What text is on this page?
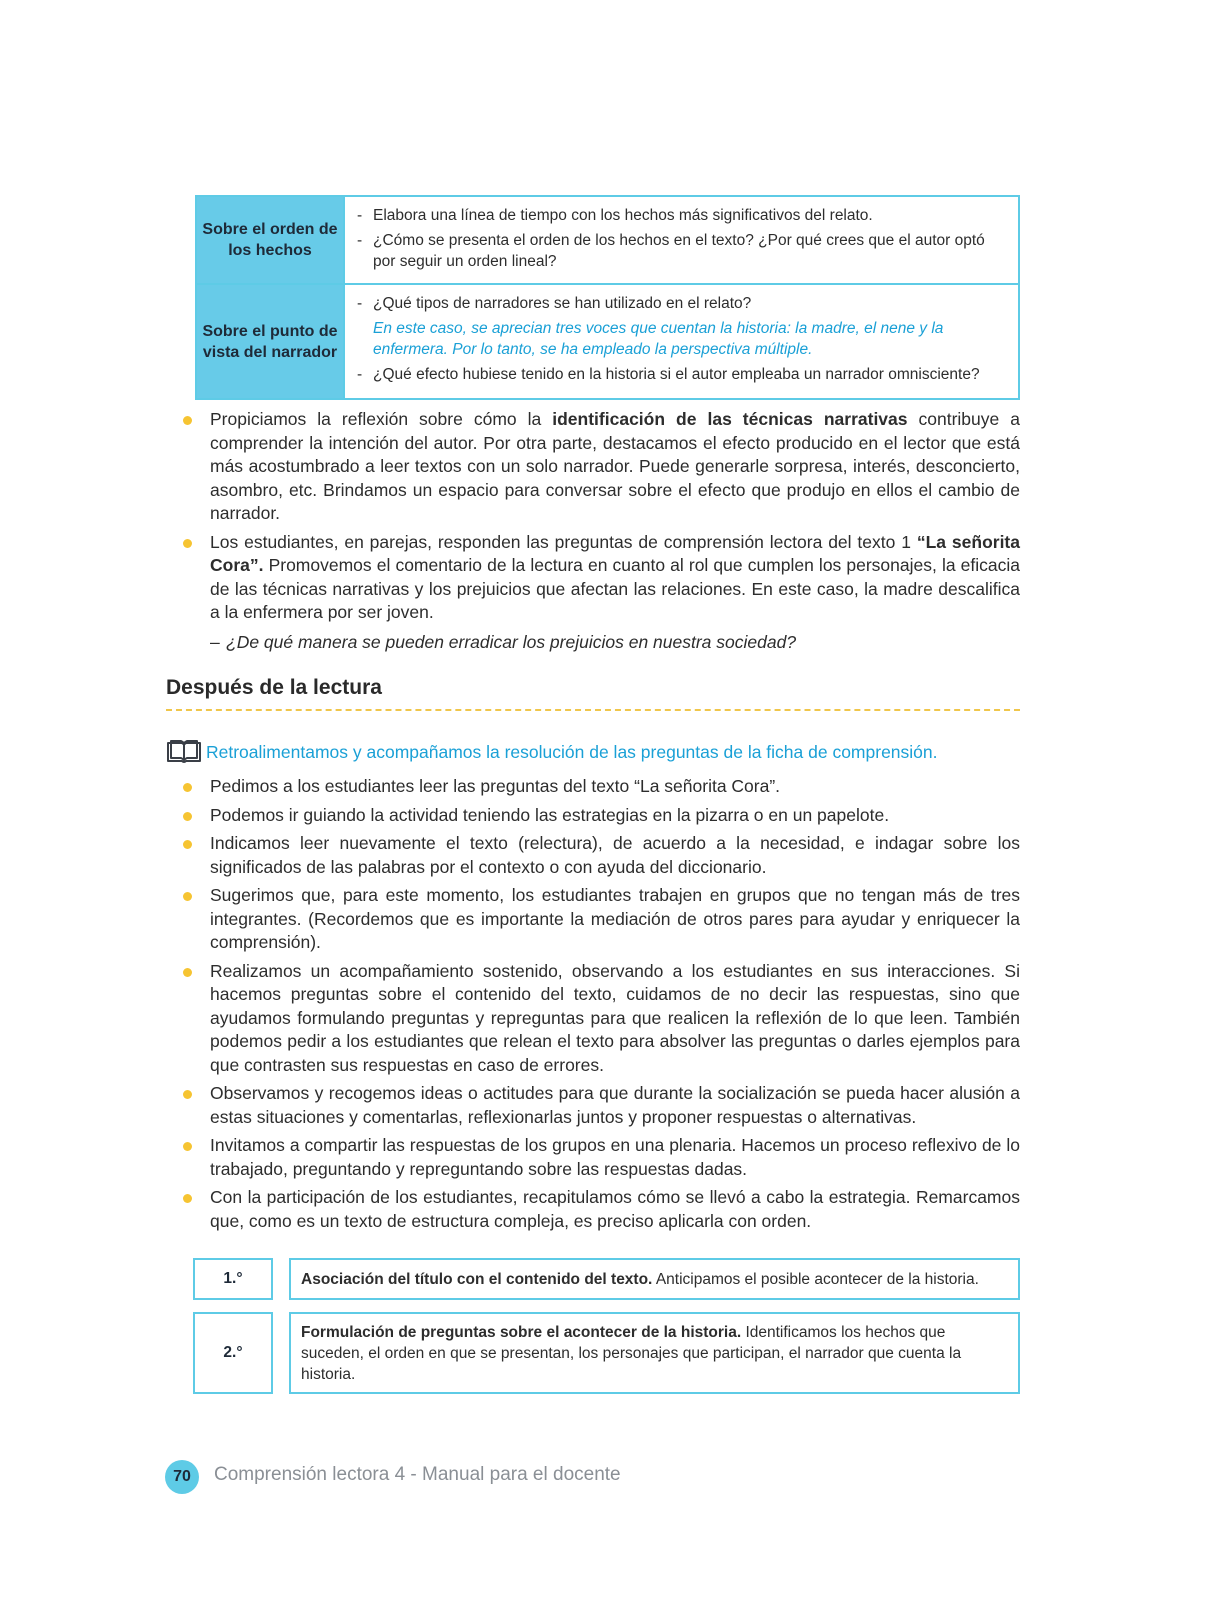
Sobre el orden de los hechos
- Elabora una línea de tiempo con los hechos más significativos del relato.
- ¿Cómo se presenta el orden de los hechos en el texto? ¿Por qué crees que el autor optó por seguir un orden lineal?
Sobre el punto de vista del narrador
- ¿Qué tipos de narradores se han utilizado en el relato?
En este caso, se aprecian tres voces que cuentan la historia: la madre, el nene y la enfermera. Por lo tanto, se ha empleado la perspectiva múltiple.
- ¿Qué efecto hubiese tenido en la historia si el autor empleaba un narrador omnisciente?
Propiciamos la reflexión sobre cómo la identificación de las técnicas narrativas contribuye a comprender la intención del autor. Por otra parte, destacamos el efecto producido en el lector que está más acostumbrado a leer textos con un solo narrador. Puede generarle sorpresa, interés, desconcierto, asombro, etc. Brindamos un espacio para conversar sobre el efecto que produjo en ellos el cambio de narrador.
Los estudiantes, en parejas, responden las preguntas de comprensión lectora del texto 1 “La señorita Cora”. Promovemos el comentario de la lectura en cuanto al rol que cumplen los personajes, la eficacia de las técnicas narrativas y los prejuicios que afectan las relaciones. En este caso, la madre descalifica a la enfermera por ser joven.
– ¿De qué manera se pueden erradicar los prejuicios en nuestra sociedad?
Después de la lectura
Retroalimentamos y acompañamos la resolución de las preguntas de la ficha de comprensión.
Pedimos a los estudiantes leer las preguntas del texto “La señorita Cora”.
Podemos ir guiando la actividad teniendo las estrategias en la pizarra o en un papelote.
Indicamos leer nuevamente el texto (relectura), de acuerdo a la necesidad, e indagar sobre los significados de las palabras por el contexto o con ayuda del diccionario.
Sugerimos que, para este momento, los estudiantes trabajen en grupos que no tengan más de tres integrantes. (Recordemos que es importante la mediación de otros pares para ayudar y enriquecer la comprensión).
Realizamos un acompañamiento sostenido, observando a los estudiantes en sus interacciones. Si hacemos preguntas sobre el contenido del texto, cuidamos de no decir las respuestas, sino que ayudamos formulando preguntas y repreguntas para que realicen la reflexión de lo que leen. También podemos pedir a los estudiantes que relean el texto para absolver las preguntas o darles ejemplos para que contrasten sus respuestas en caso de errores.
Observamos y recogemos ideas o actitudes para que durante la socialización se pueda hacer alusión a estas situaciones y comentarlas, reflexionarlas juntos y proponer respuestas o alternativas.
Invitamos a compartir las respuestas de los grupos en una plenaria. Hacemos un proceso reflexivo de lo trabajado, preguntando y repreguntando sobre las respuestas dadas.
Con la participación de los estudiantes, recapitulamos cómo se llevó a cabo la estrategia. Remarcamos que, como es un texto de estructura compleja, es preciso aplicarla con orden.
1.°	Asociación del título con el contenido del texto. Anticipamos el posible acontecer de la historia.
2.°
Formulación de preguntas sobre el acontecer de la historia. Identificamos los hechos que suceden, el orden en que se presentan, los personajes que participan, el narrador que cuenta la historia.
70	Comprensión lectora 4 - Manual para el docente
